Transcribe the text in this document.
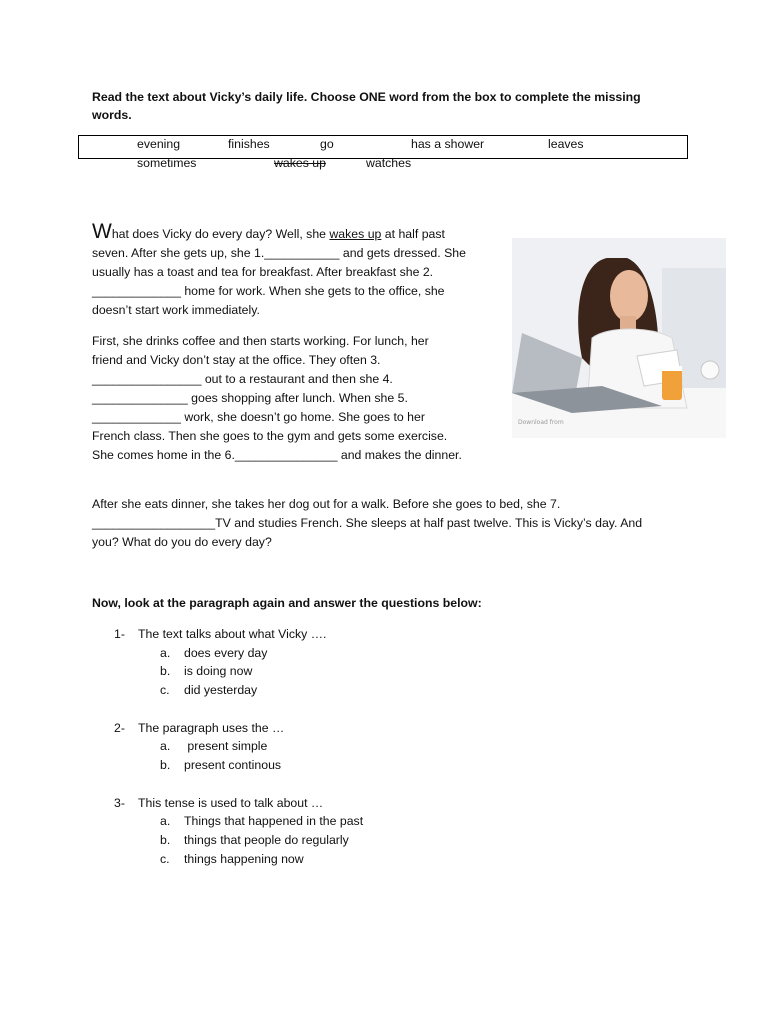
Read the text about Vicky’s daily life. Choose ONE word from the box to complete the missing words.
evening	finishes	go	has a shower	leaves
sometimes	wakes up	watches

What does Vicky do every day? Well, she wakes up at half past seven. After she gets up, she 1.___________ and gets dressed. She usually has a toast and tea for breakfast. After breakfast she 2. _____________ home for work. When she gets to the office, she doesn’t start work immediately.

First, she drinks coffee and then starts working. For lunch, her friend and Vicky don’t stay at the office. They often 3. ________________ out to a restaurant and then she 4. ______________ goes shopping after lunch. When she 5. _____________ work, she doesn’t go home. She goes to her French class. Then she goes to the gym and gets some exercise. She comes home in the 6._______________ and makes the dinner.
After she eats dinner, she takes her dog out for a walk. Before she goes to bed, she 7. __________________TV and studies French. She sleeps at half past twelve. This is Vicky’s day. And you? What do you do every day?
Download from
Now, look at the paragraph again and answer the questions below:
1- The text talks about what Vicky ….
a. does every day
b. is doing now
c. did yesterday
2- The paragraph uses the …
a. present simple
b. present continous
3- This tense is used to talk about …
a. Things that happened in the past
b. things that people do regularly
c. things happening now
